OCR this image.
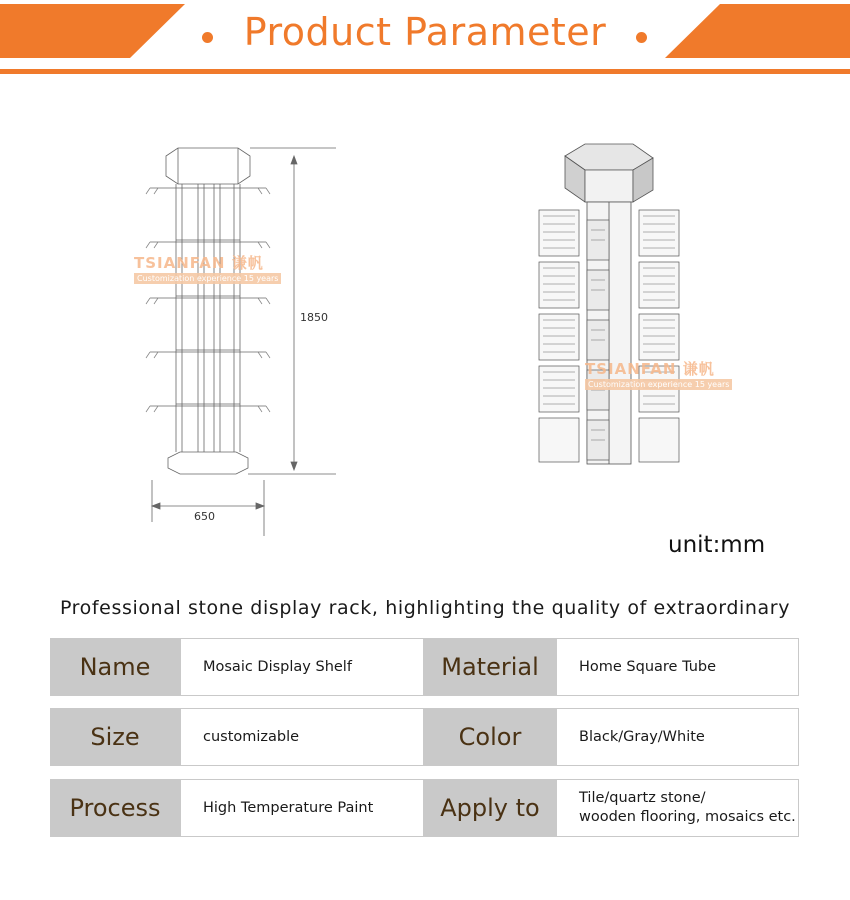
Product Parameter
1850
650
TSIANFAN 谦帆
Customization experience 15 years
TSIANFAN 谦帆
Customization experience 15 years
unit:mm
Professional stone display rack, highlighting the quality of extraordinary
Name	Mosaic Display Shelf	Material	Home Square Tube
Size	customizable	Color	Black/Gray/White
Process	High Temperature Paint	Apply to	Tile/quartz stone/
wooden flooring, mosaics etc.
